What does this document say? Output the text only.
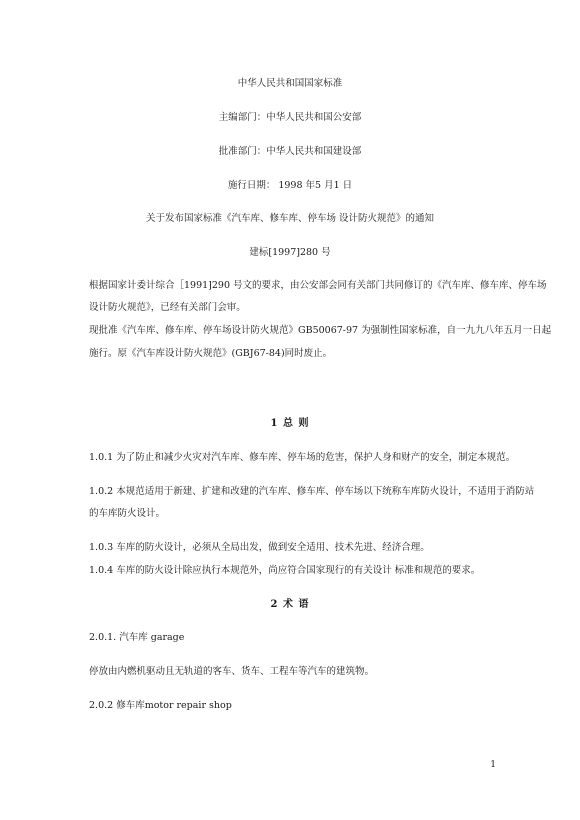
中华人民共和国国家标准
主编部门：中华人民共和国公安部
批准部门：中华人民共和国建设部
施行日期： 1998 年5 月1 日
关于发布国家标准《汽车库、修车库、停车场 设计防火规范》的通知
建标[1997]280 号
根据国家计委计综合［1991]290 号文的要求，由公安部会同有关部门共同修订的《汽车库、修车库、停车场
设计防火规范》，已经有关部门会审。
现批准《汽车库、修车库、停车场设计防火规范》GB50067-97 为强制性国家标准，自一九九八年五月一日起
施行。原《汽车库设计防火规范》(GBJ67-84)同时废止。
1 总 则
1.0.1 为了防止和减少火灾对汽车库、修车库、停车场的危害，保护人身和财产的安全，制定本规范。
1.0.2 本规范适用于新建、扩建和改建的汽车库、修车库、停车场以下统称车库防火设计，不适用于消防站
的车库防火设计。
1.0.3 车库的防火设计，必须从全局出发，做到安全适用、技术先进、经济合理。
1.0.4 车库的防火设计除应执行本规范外，尚应符合国家现行的有关设计 标准和规范的要求。
2 术 语
2.0.1. 汽车库 garage
停放由内燃机驱动且无轨道的客车、货车、工程车等汽车的建筑物。
2.0.2 修车库motor repair shop
1
